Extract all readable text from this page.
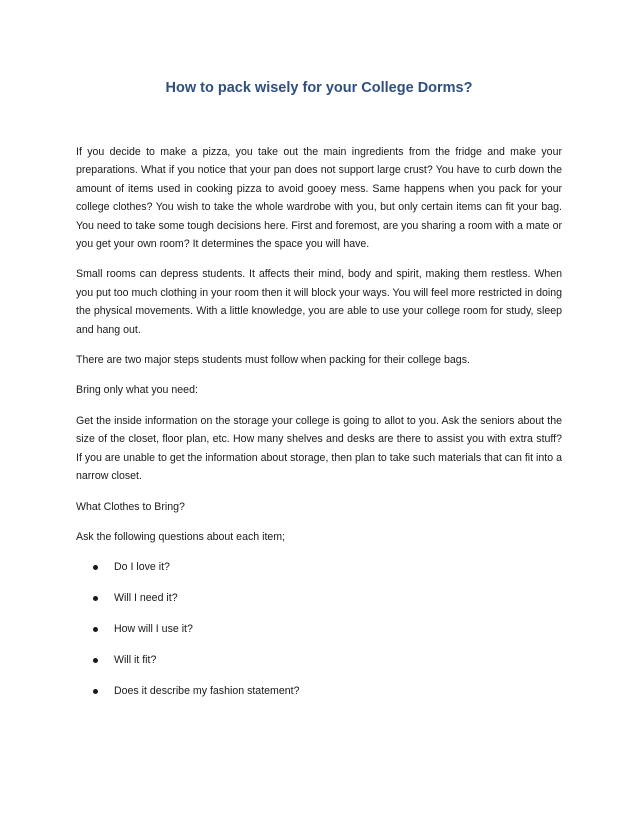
How to pack wisely for your College Dorms?

If you decide to make a pizza, you take out the main ingredients from the fridge and make your preparations. What if you notice that your pan does not support large crust? You have to curb down the amount of items used in cooking pizza to avoid gooey mess. Same happens when you pack for your college clothes? You wish to take the whole wardrobe with you, but only certain items can fit your bag. You need to take some tough decisions here. First and foremost, are you sharing a room with a mate or you get your own room? It determines the space you will have.

Small rooms can depress students. It affects their mind, body and spirit, making them restless. When you put too much clothing in your room then it will block your ways. You will feel more restricted in doing the physical movements. With a little knowledge, you are able to use your college room for study, sleep and hang out.

There are two major steps students must follow when packing for their college bags.

Bring only what you need:

Get the inside information on the storage your college is going to allot to you. Ask the seniors about the size of the closet, floor plan, etc. How many shelves and desks are there to assist you with extra stuff? If you are unable to get the information about storage, then plan to take such materials that can fit into a narrow closet.

What Clothes to Bring?

Ask the following questions about each item;

Do I love it?
Will I need it?
How will I use it?
Will it fit?
Does it describe my fashion statement?
